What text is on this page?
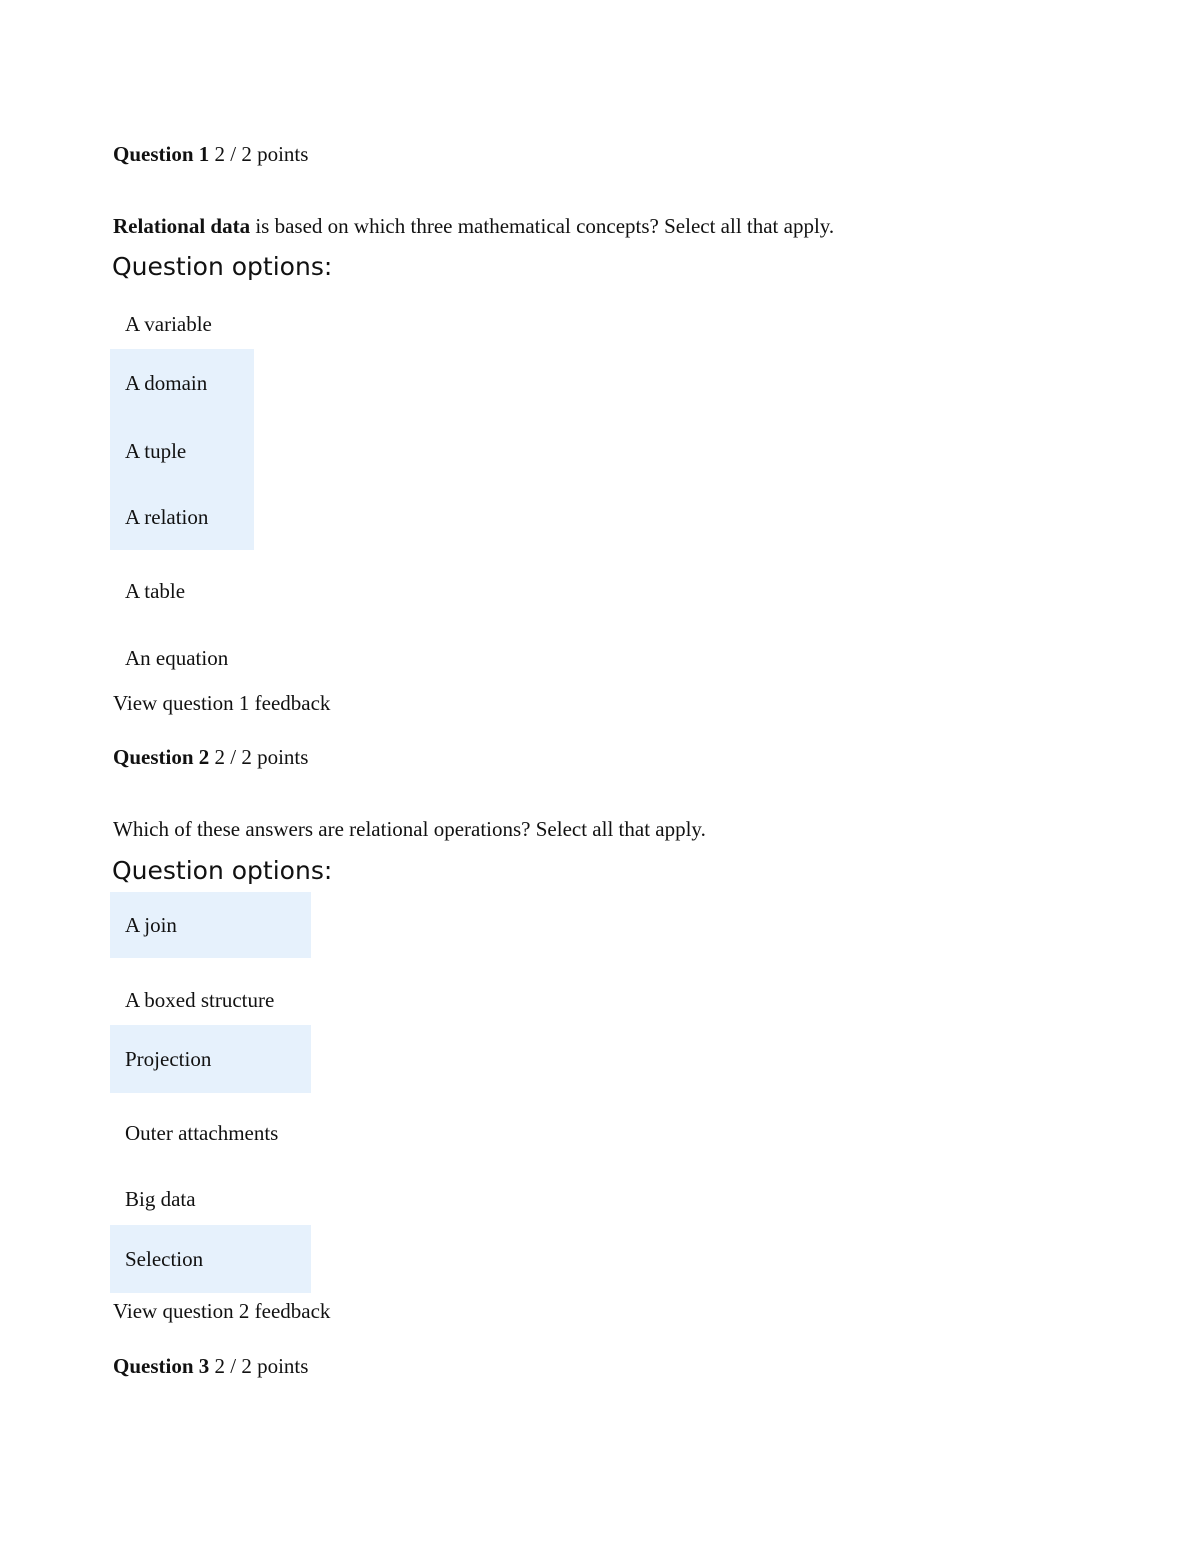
Question 1 2 / 2 points
Relational data is based on which three mathematical concepts? Select all that apply.
Question options:
A variable
A domain
A tuple
A relation
A table
An equation
View question 1 feedback
Question 2 2 / 2 points
Which of these answers are relational operations? Select all that apply.
Question options:
A join
A boxed structure
Projection
Outer attachments
Big data
Selection
View question 2 feedback
Question 3 2 / 2 points
